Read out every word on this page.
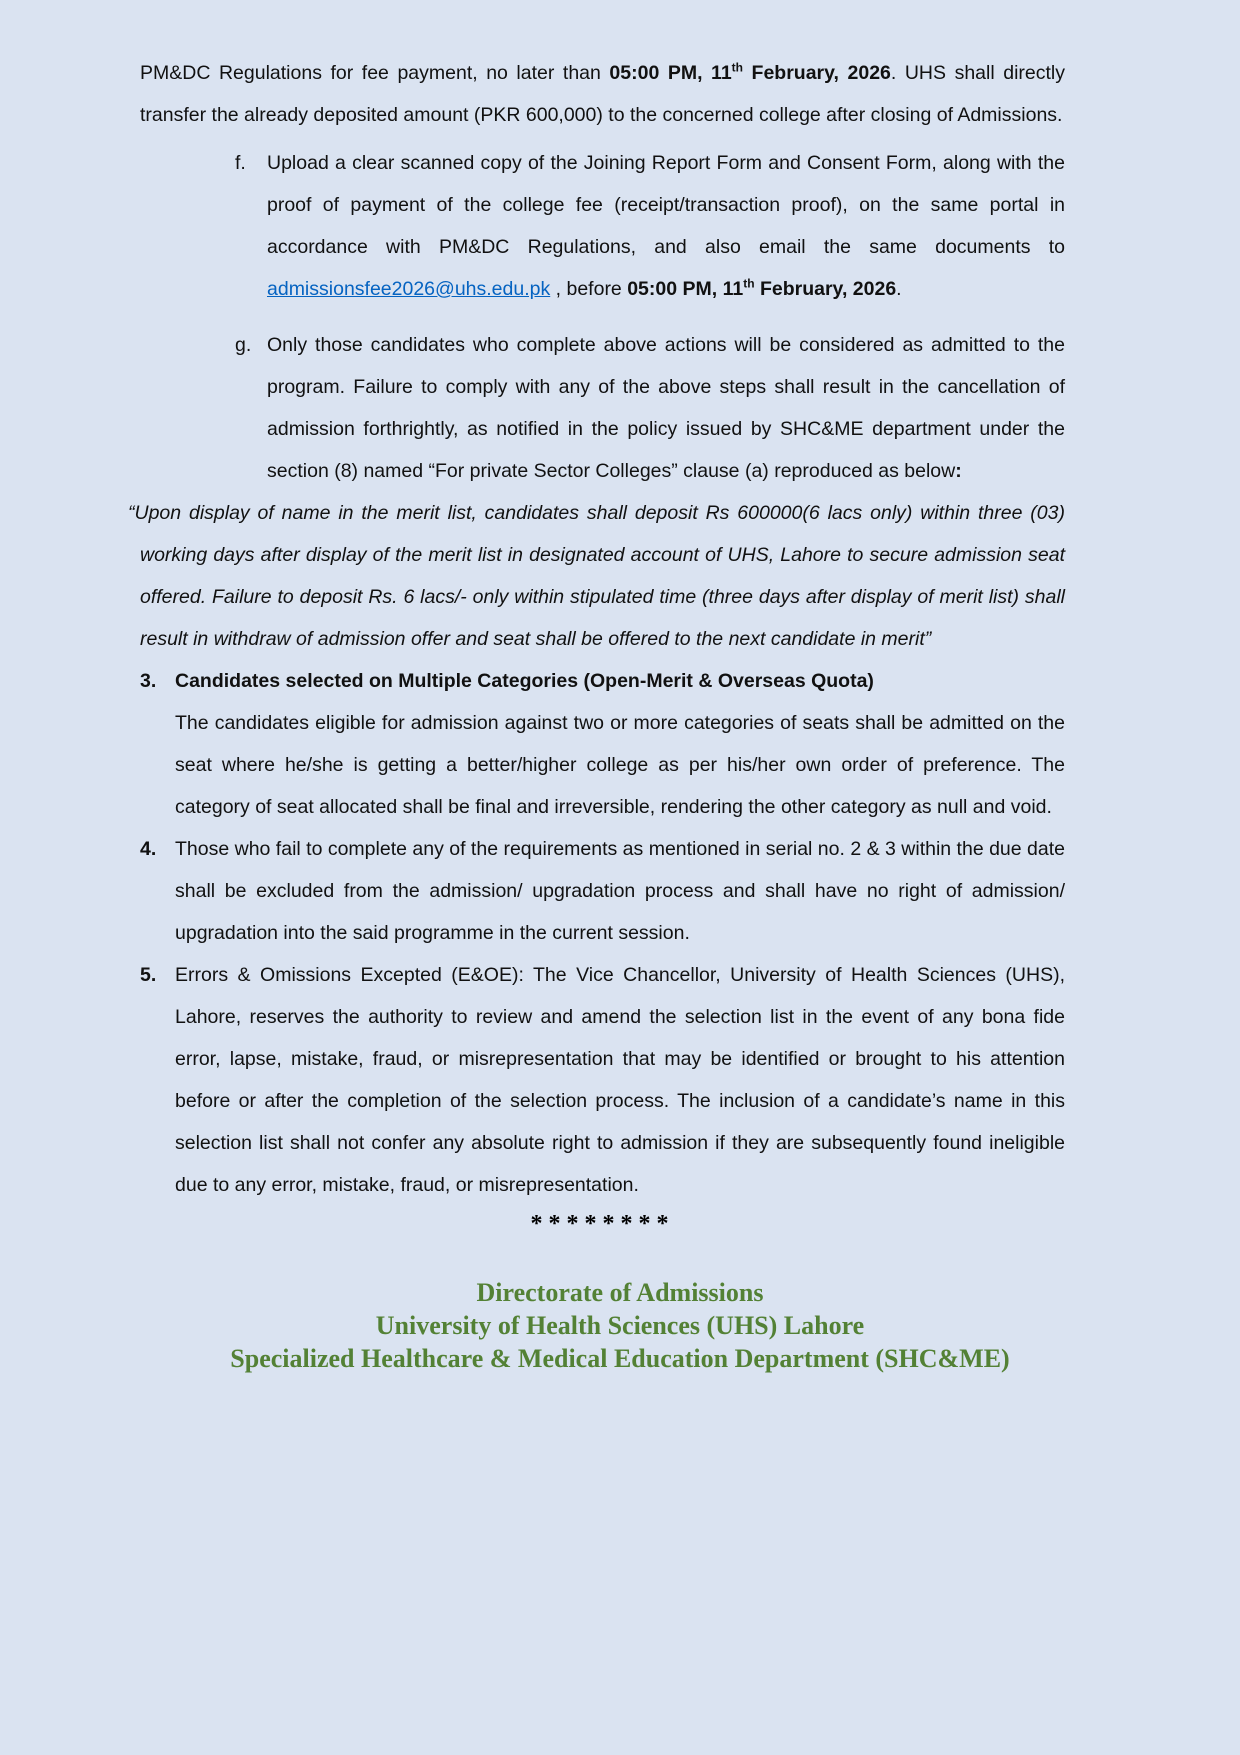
PM&DC Regulations for fee payment, no later than 05:00 PM, 11th February, 2026. UHS shall directly transfer the already deposited amount (PKR 600,000) to the concerned college after closing of Admissions.

f.	Upload a clear scanned copy of the Joining Report Form and Consent Form, along with the proof of payment of the college fee (receipt/transaction proof), on the same portal in accordance with PM&DC Regulations, and also email the same documents to admissionsfee2026@uhs.edu.pk , before 05:00 PM, 11th February, 2026.

g. Only those candidates who complete above actions will be considered as admitted to the program. Failure to comply with any of the above steps shall result in the cancellation of admission forthrightly, as notified in the policy issued by SHC&ME department under the section (8) named “For private Sector Colleges” clause (a) reproduced as below:

“Upon display of name in the merit list, candidates shall deposit Rs 600000(6 lacs only) within three (03) working days after display of the merit list in designated account of UHS, Lahore to secure admission seat offered. Failure to deposit Rs. 6 lacs/- only within stipulated time (three days after display of merit list) shall result in withdraw of admission offer and seat shall be offered to the next candidate in merit”

3. Candidates selected on Multiple Categories (Open-Merit & Overseas Quota)

The candidates eligible for admission against two or more categories of seats shall be admitted on the seat where he/she is getting a better/higher college as per his/her own order of preference. The category of seat allocated shall be final and irreversible, rendering the other category as null and void.

4. Those who fail to complete any of the requirements as mentioned in serial no. 2 & 3 within the due date shall be excluded from the admission/ upgradation process and shall have no right of admission/ upgradation into the said programme in the current session.

5. Errors & Omissions Excepted (E&OE): The Vice Chancellor, University of Health Sciences (UHS), Lahore, reserves the authority to review and amend the selection list in the event of any bona fide error, lapse, mistake, fraud, or misrepresentation that may be identified or brought to his attention before or after the completion of the selection process. The inclusion of a candidate’s name in this selection list shall not confer any absolute right to admission if they are subsequently found ineligible due to any error, mistake, fraud, or misrepresentation.

********

Directorate of Admissions

University of Health Sciences (UHS) Lahore

Specialized Healthcare & Medical Education Department (SHC&ME)
